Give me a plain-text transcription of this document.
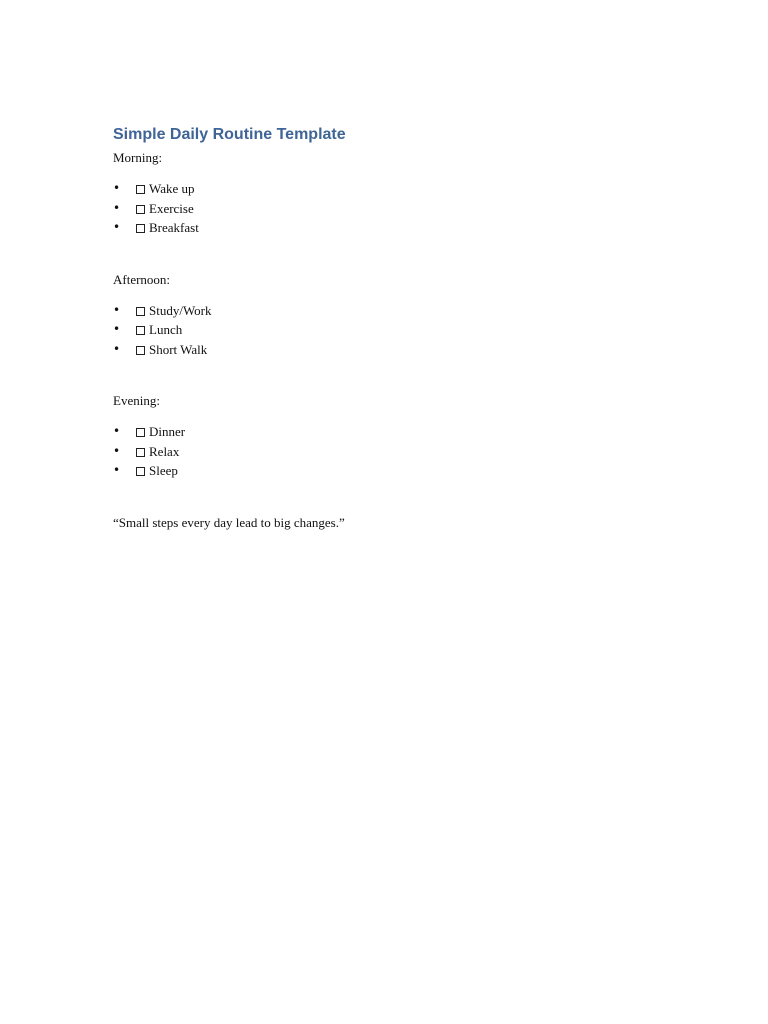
Simple Daily Routine Template

Morning:

• Wake up
• Exercise
• Breakfast

Afternoon:

• Study/Work
• Lunch
• Short Walk

Evening:

• Dinner
• Relax
• Sleep

“Small steps every day lead to big changes.”
